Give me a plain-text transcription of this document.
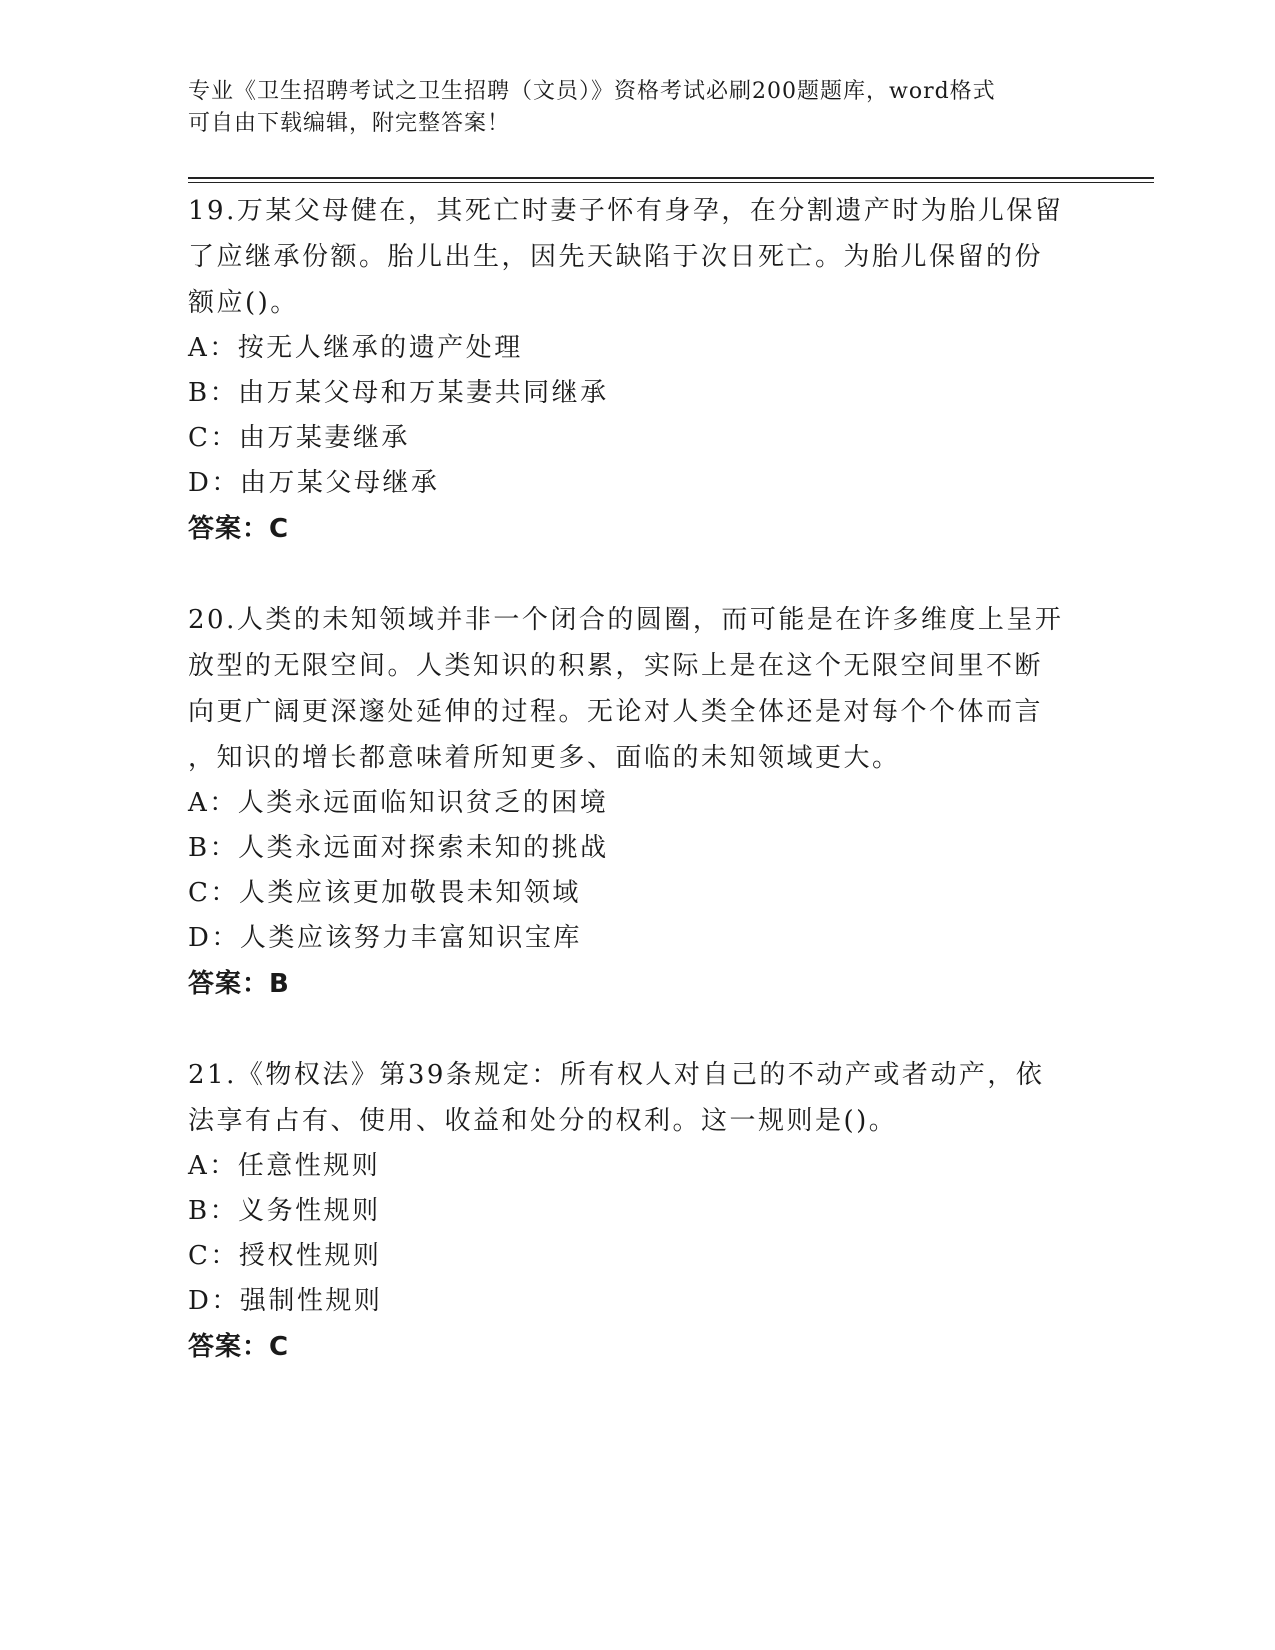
专业《卫生招聘考试之卫生招聘（文员）》资格考试必刷200题题库，word格式
可自由下载编辑，附完整答案！

19.万某父母健在，其死亡时妻子怀有身孕，在分割遗产时为胎儿保留

了应继承份额。胎儿出生，因先天缺陷于次日死亡。为胎儿保留的份

额应()。

A：按无人继承的遗产处理

B：由万某父母和万某妻共同继承

C：由万某妻继承

D：由万某父母继承

答案：C

20.人类的未知领域并非一个闭合的圆圈，而可能是在许多维度上呈开

放型的无限空间。人类知识的积累，实际上是在这个无限空间里不断

向更广阔更深邃处延伸的过程。无论对人类全体还是对每个个体而言

，知识的增长都意味着所知更多、面临的未知领域更大。

A：人类永远面临知识贫乏的困境

B：人类永远面对探索未知的挑战

C：人类应该更加敬畏未知领域

D：人类应该努力丰富知识宝库

答案：B

21.《物权法》第39条规定：所有权人对自己的不动产或者动产，依

法享有占有、使用、收益和处分的权利。这一规则是()。

A：任意性规则

B：义务性规则

C：授权性规则

D：强制性规则

答案：C
